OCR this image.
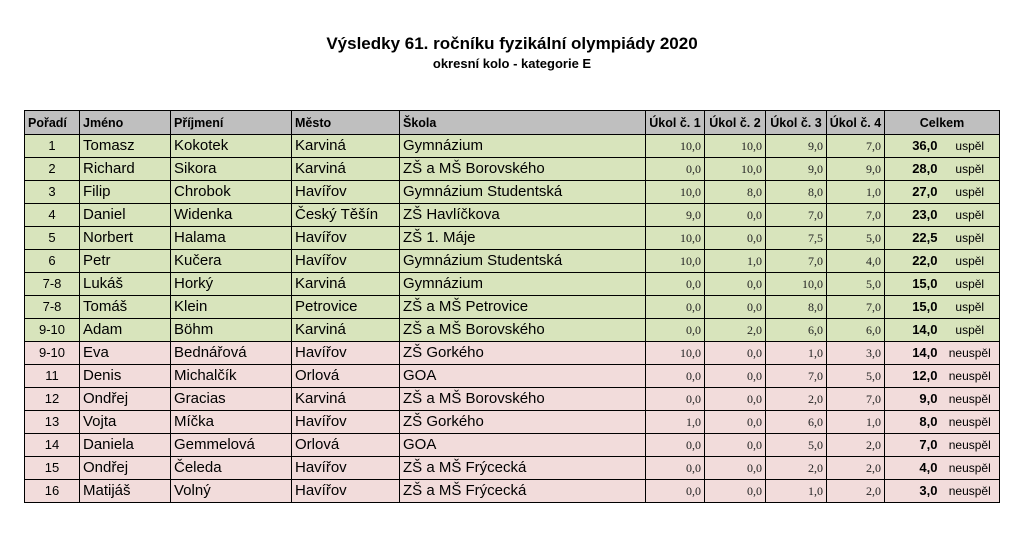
Výsledky 61. ročníku fyzikální olympiády 2020
okresní kolo - kategorie E
Pořadí	Jméno	Příjmení	Město	Škola	Úkol č. 1	Úkol č. 2	Úkol č. 3	Úkol č. 4	Celkem	
1	Tomasz	Kokotek	Karviná	Gymnázium	10,0	10,0	9,0	7,0	36,0	uspěl
2	Richard	Sikora	Karviná	ZŠ a MŠ Borovského	0,0	10,0	9,0	9,0	28,0	uspěl
3	Filip	Chrobok	Havířov	Gymnázium Studentská	10,0	8,0	8,0	1,0	27,0	uspěl
4	Daniel	Widenka	Český Těšín	ZŠ Havlíčkova	9,0	0,0	7,0	7,0	23,0	uspěl
5	Norbert	Halama	Havířov	ZŠ 1. Máje	10,0	0,0	7,5	5,0	22,5	uspěl
6	Petr	Kučera	Havířov	Gymnázium Studentská	10,0	1,0	7,0	4,0	22,0	uspěl
7-8	Lukáš	Horký	Karviná	Gymnázium	0,0	0,0	10,0	5,0	15,0	uspěl
7-8	Tomáš	Klein	Petrovice	ZŠ a MŠ Petrovice	0,0	0,0	8,0	7,0	15,0	uspěl
9-10	Adam	Böhm	Karviná	ZŠ a MŠ Borovského	0,0	2,0	6,0	6,0	14,0	uspěl
9-10	Eva	Bednářová	Havířov	ZŠ Gorkého	10,0	0,0	1,0	3,0	14,0	neuspěl
11	Denis	Michalčík	Orlová	GOA	0,0	0,0	7,0	5,0	12,0	neuspěl
12	Ondřej	Gracias	Karviná	ZŠ a MŠ Borovského	0,0	0,0	2,0	7,0	9,0	neuspěl
13	Vojta	Míčka	Havířov	ZŠ Gorkého	1,0	0,0	6,0	1,0	8,0	neuspěl
14	Daniela	Gemmelová	Orlová	GOA	0,0	0,0	5,0	2,0	7,0	neuspěl
15	Ondřej	Čeleda	Havířov	ZŠ a MŠ Frýcecká	0,0	0,0	2,0	2,0	4,0	neuspěl
16	Matijáš	Volný	Havířov	ZŠ a MŠ Frýcecká	0,0	0,0	1,0	2,0	3,0	neuspěl
